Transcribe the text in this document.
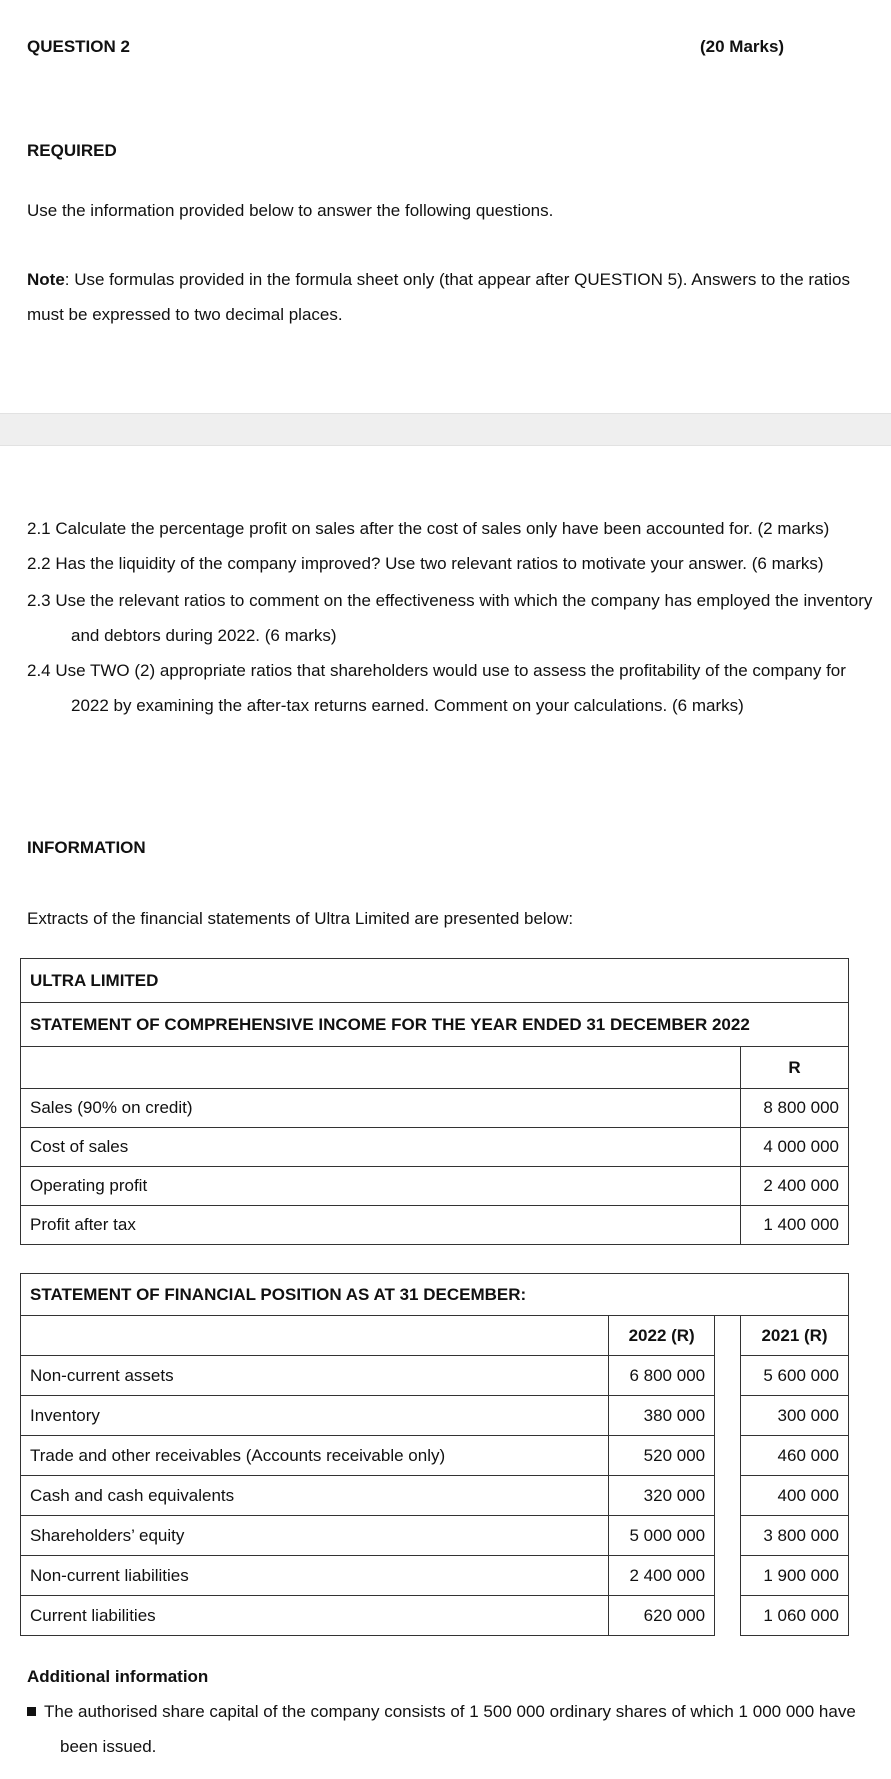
QUESTION 2	(20 Marks)
REQUIRED
Use the information provided below to answer the following questions.
Note: Use formulas provided in the formula sheet only (that appear after QUESTION 5). Answers to the ratios
must be expressed to two decimal places.
2.1 Calculate the percentage profit on sales after the cost of sales only have been accounted for. (2 marks)
2.2 Has the liquidity of the company improved? Use two relevant ratios to motivate your answer. (6 marks)
2.3 Use the relevant ratios to comment on the effectiveness with which the company has employed the inventory
and debtors during 2022. (6 marks)
2.4 Use TWO (2) appropriate ratios that shareholders would use to assess the profitability of the company for
2022 by examining the after-tax returns earned. Comment on your calculations. (6 marks)
INFORMATION
Extracts of the financial statements of Ultra Limited are presented below:
ULTRA LIMITED	
STATEMENT OF COMPREHENSIVE INCOME FOR THE YEAR ENDED 31 DECEMBER 2022	
	R
Sales (90% on credit)	8 800 000
Cost of sales	4 000 000
Operating profit	2 400 000
Profit after tax	1 400 000
STATEMENT OF FINANCIAL POSITION AS AT 31 DECEMBER:			
	2022 (R)		2021 (R)
Non-current assets	6 800 000		5 600 000
Inventory	380 000		300 000
Trade and other receivables (Accounts receivable only)	520 000		460 000
Cash and cash equivalents	320 000		400 000
Shareholders’ equity	5 000 000		3 800 000
Non-current liabilities	2 400 000		1 900 000
Current liabilities	620 000		1 060 000
Additional information
The authorised share capital of the company consists of 1 500 000 ordinary shares of which 1 000 000 have
been issued.
